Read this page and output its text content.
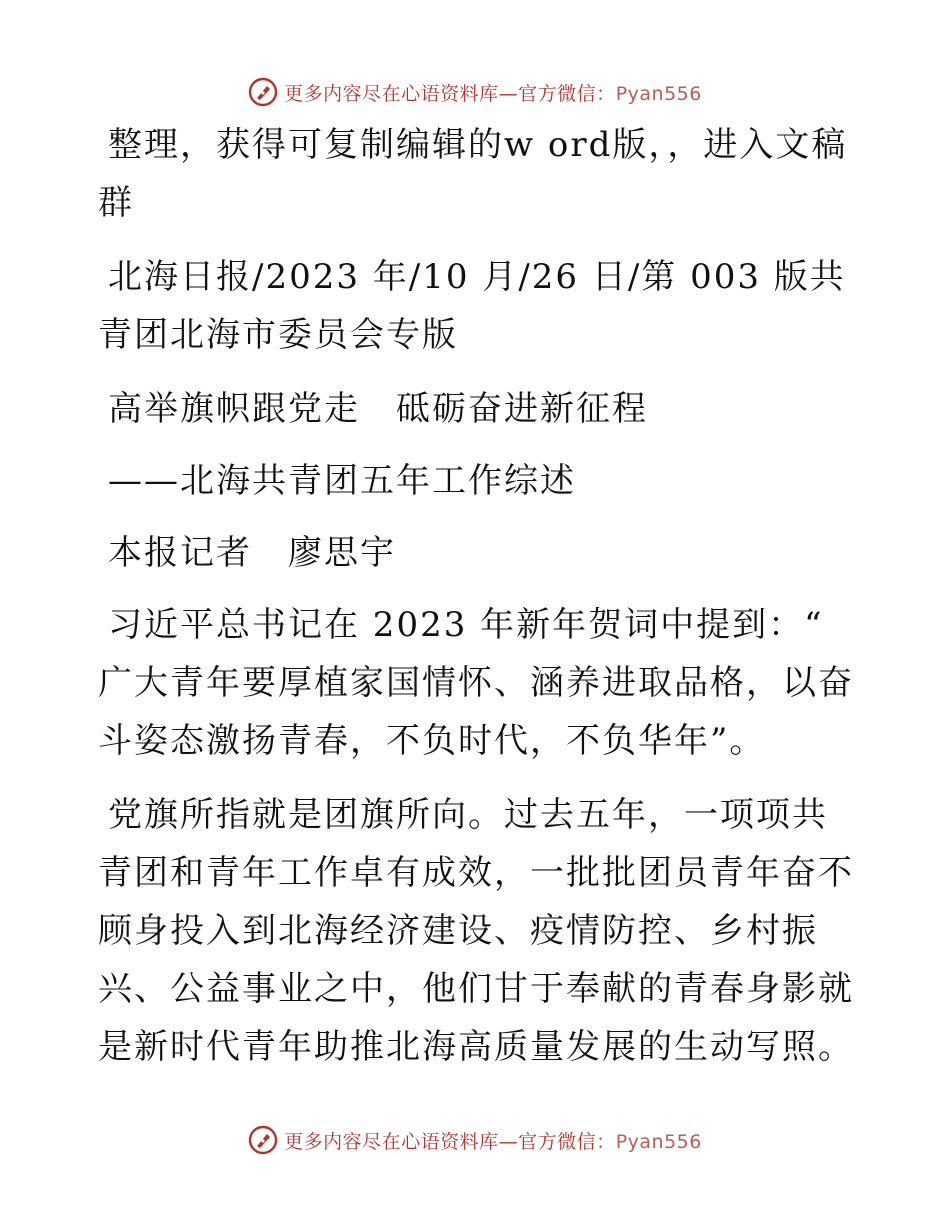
更多内容尽在心语资料库—官方微信：Pyan556

整理，获得可复制编辑的w ord版，，进入文稿群

北海日报/2023 年/10 月/26 日/第 003 版共青团北海市委员会专版

高举旗帜跟党走　砥砺奋进新征程

——北海共青团五年工作综述

本报记者　廖思宇

习近平总书记在 2023 年新年贺词中提到：“ 广大青年要厚植家国情怀、涵养进取品格，以奋斗姿态激扬青春，不负时代，不负华年”。

党旗所指就是团旗所向。过去五年，一项项共青团和青年工作卓有成效，一批批团员青年奋不顾身投入到北海经济建设、疫情防控、乡村振兴、公益事业之中，他们甘于奉献的青春身影就是新时代青年助推北海高质量发展的生动写照。

更多内容尽在心语资料库—官方微信：Pyan556
